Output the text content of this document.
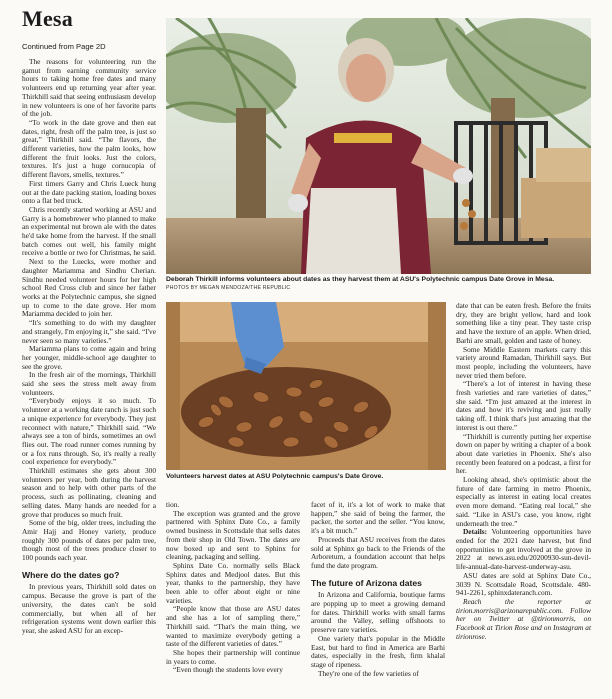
Mesa
Continued from Page 2D

The reasons for volunteering run the gamut from earning community service hours to taking home free dates and many volunteers end up returning year after year. Thirkhill said that seeing enthusiasm develop in new volunteers is one of her favorite parts of the job.

“To work in the date grove and then eat dates, right, fresh off the palm tree, is just so great,” Thirkhill said. “The flavors, the different varieties, how the palm looks, how different the fruit looks. Just the colors, textures. It's just a huge cornucopia of different flavors, smells, textures.”

First timers Garry and Chris Lueck hung out at the date packing station, loading boxes onto a flat bed truck.

Chris recently started working at ASU and Garry is a homebrewer who planned to make an experimental nut brown ale with the dates he'd take home from the harvest. If the small batch comes out well, his family might receive a bottle or two for Christmas, he said.

Next to the Luecks, were mother and daughter Mariamma and Sindhu Cherian. Sindhu needed volunteer hours for her high school Red Cross club and since her father works at the Polytechnic campus, she signed up to come to the date grove. Her mom Mariamma decided to join her.

“It's something to do with my daughter and strangely, I'm enjoying it,” she said. “I've never seen so many varieties.”

Mariamma plans to come again and bring her younger, middle-school age daughter to see the grove.

In the fresh air of the mornings, Thirkhill said she sees the stress melt away from volunteers.

“Everybody enjoys it so much. To volunteer at a working date ranch is just such a unique experience for everybody. They just reconnect with nature,” Thirkhill said. “We always see a ton of birds, sometimes an owl flies out. The road runner comes running by or a fox runs through. So, it's really a really cool experience for everybody.”

Thirkhill estimates she gets about 300 volunteers per year, both during the harvest season and to help with other parts of the process, such as pollinating, cleaning and selling dates. Many hands are needed for a grove that produces so much fruit.

Some of the big, older trees, including the Amir Hajj and Honey variety, produce roughly 300 pounds of dates per palm tree, though most of the trees produce closer to 100 pounds each year.

Where do the dates go?

In previous years, Thirkhill sold dates on campus. Because the grove is part of the university, the dates can't be sold commercially, but when all of her refrigeration systems went down earlier this year, she asked ASU for an excep-

Deborah Thirkill informs volunteers about dates as they harvest them at ASU's Polytechnic campus Date Grove in Mesa.
PHOTOS BY MEGAN MENDOZA/THE REPUBLIC
Volunteers harvest dates at ASU Polytechnic campus's Date Grove.

tion.

The exception was granted and the grove partnered with Sphinx Date Co., a family owned business in Scottsdale that sells dates from their shop in Old Town. The dates are now boxed up and sent to Sphinx for cleaning, packaging and selling.

Sphinx Date Co. normally sells Black Sphinx dates and Medjool dates. But this year, thanks to the partnership, they have been able to offer about eight or nine varieties.

“People know that those are ASU dates and she has a lot of sampling there,” Thirkhill said. “That's the main thing, we wanted to maximize everybody getting a taste of the different varieties of dates.”

She hopes their partnership will continue in years to come.

“Even though the students love every

facet of it, it's a lot of work to make that happen,” she said of being the farmer, the packer, the sorter and the seller. “You know, it's a bit much.”

Proceeds that ASU receives from the dates sold at Sphinx go back to the Friends of the Arboretum, a foundation account that helps fund the date program.

The future of Arizona dates

In Arizona and California, boutique farms are popping up to meet a growing demand for dates. Thirkhill works with small farms around the Valley, selling offshoots to preserve rare varieties.

One variety that's popular in the Middle East, but hard to find in America are Barhi dates, especially in the fresh, firm khalal stage of ripeness.

They're one of the few varieties of

date that can be eaten fresh. Before the fruits dry, they are bright yellow, hard and look something like a tiny pear. They taste crisp and have the texture of an apple. When dried, Barhi are small, golden and taste of honey.

Some Middle Eastern markets carry this variety around Ramadan, Thirkhill says. But most people, including the volunteers, have never tried them before.

“There's a lot of interest in having these fresh varieties and rare varieties of dates,” she said. “I'm just amazed at the interest in dates and how it's reviving and just really taking off. I think that's just amazing that the interest is out there.”

“Thirkhill is currently putting her expertise down on paper by writing a chapter of a book about date varieties in Phoenix. She's also recently been featured on a podcast, a first for her.

Looking ahead, she's optimistic about the future of date farming in metro Phoenix, especially as interest in eating local creates even more demand. “Eating real local,” she said. “Like in ASU's case, you know, right underneath the tree.”

Details: Volunteering opportunities have ended for the 2021 date harvest, but find opportunities to get involved at the grove in 2022 at news.asu.edu/20200930-sun-devil-life-annual-date-harvest-underway-asu.

ASU dates are sold at Sphinx Date Co., 3039 N. Scottsdale Road, Scottsdale. 480-941-2261, sphinxdateranch.com.

Reach the reporter at tirion.morris@arizonarepublic.com. Follow her on Twitter at @tirionmorris, on Facebook at Tirion Rose and on Instagram at tirionrose.
